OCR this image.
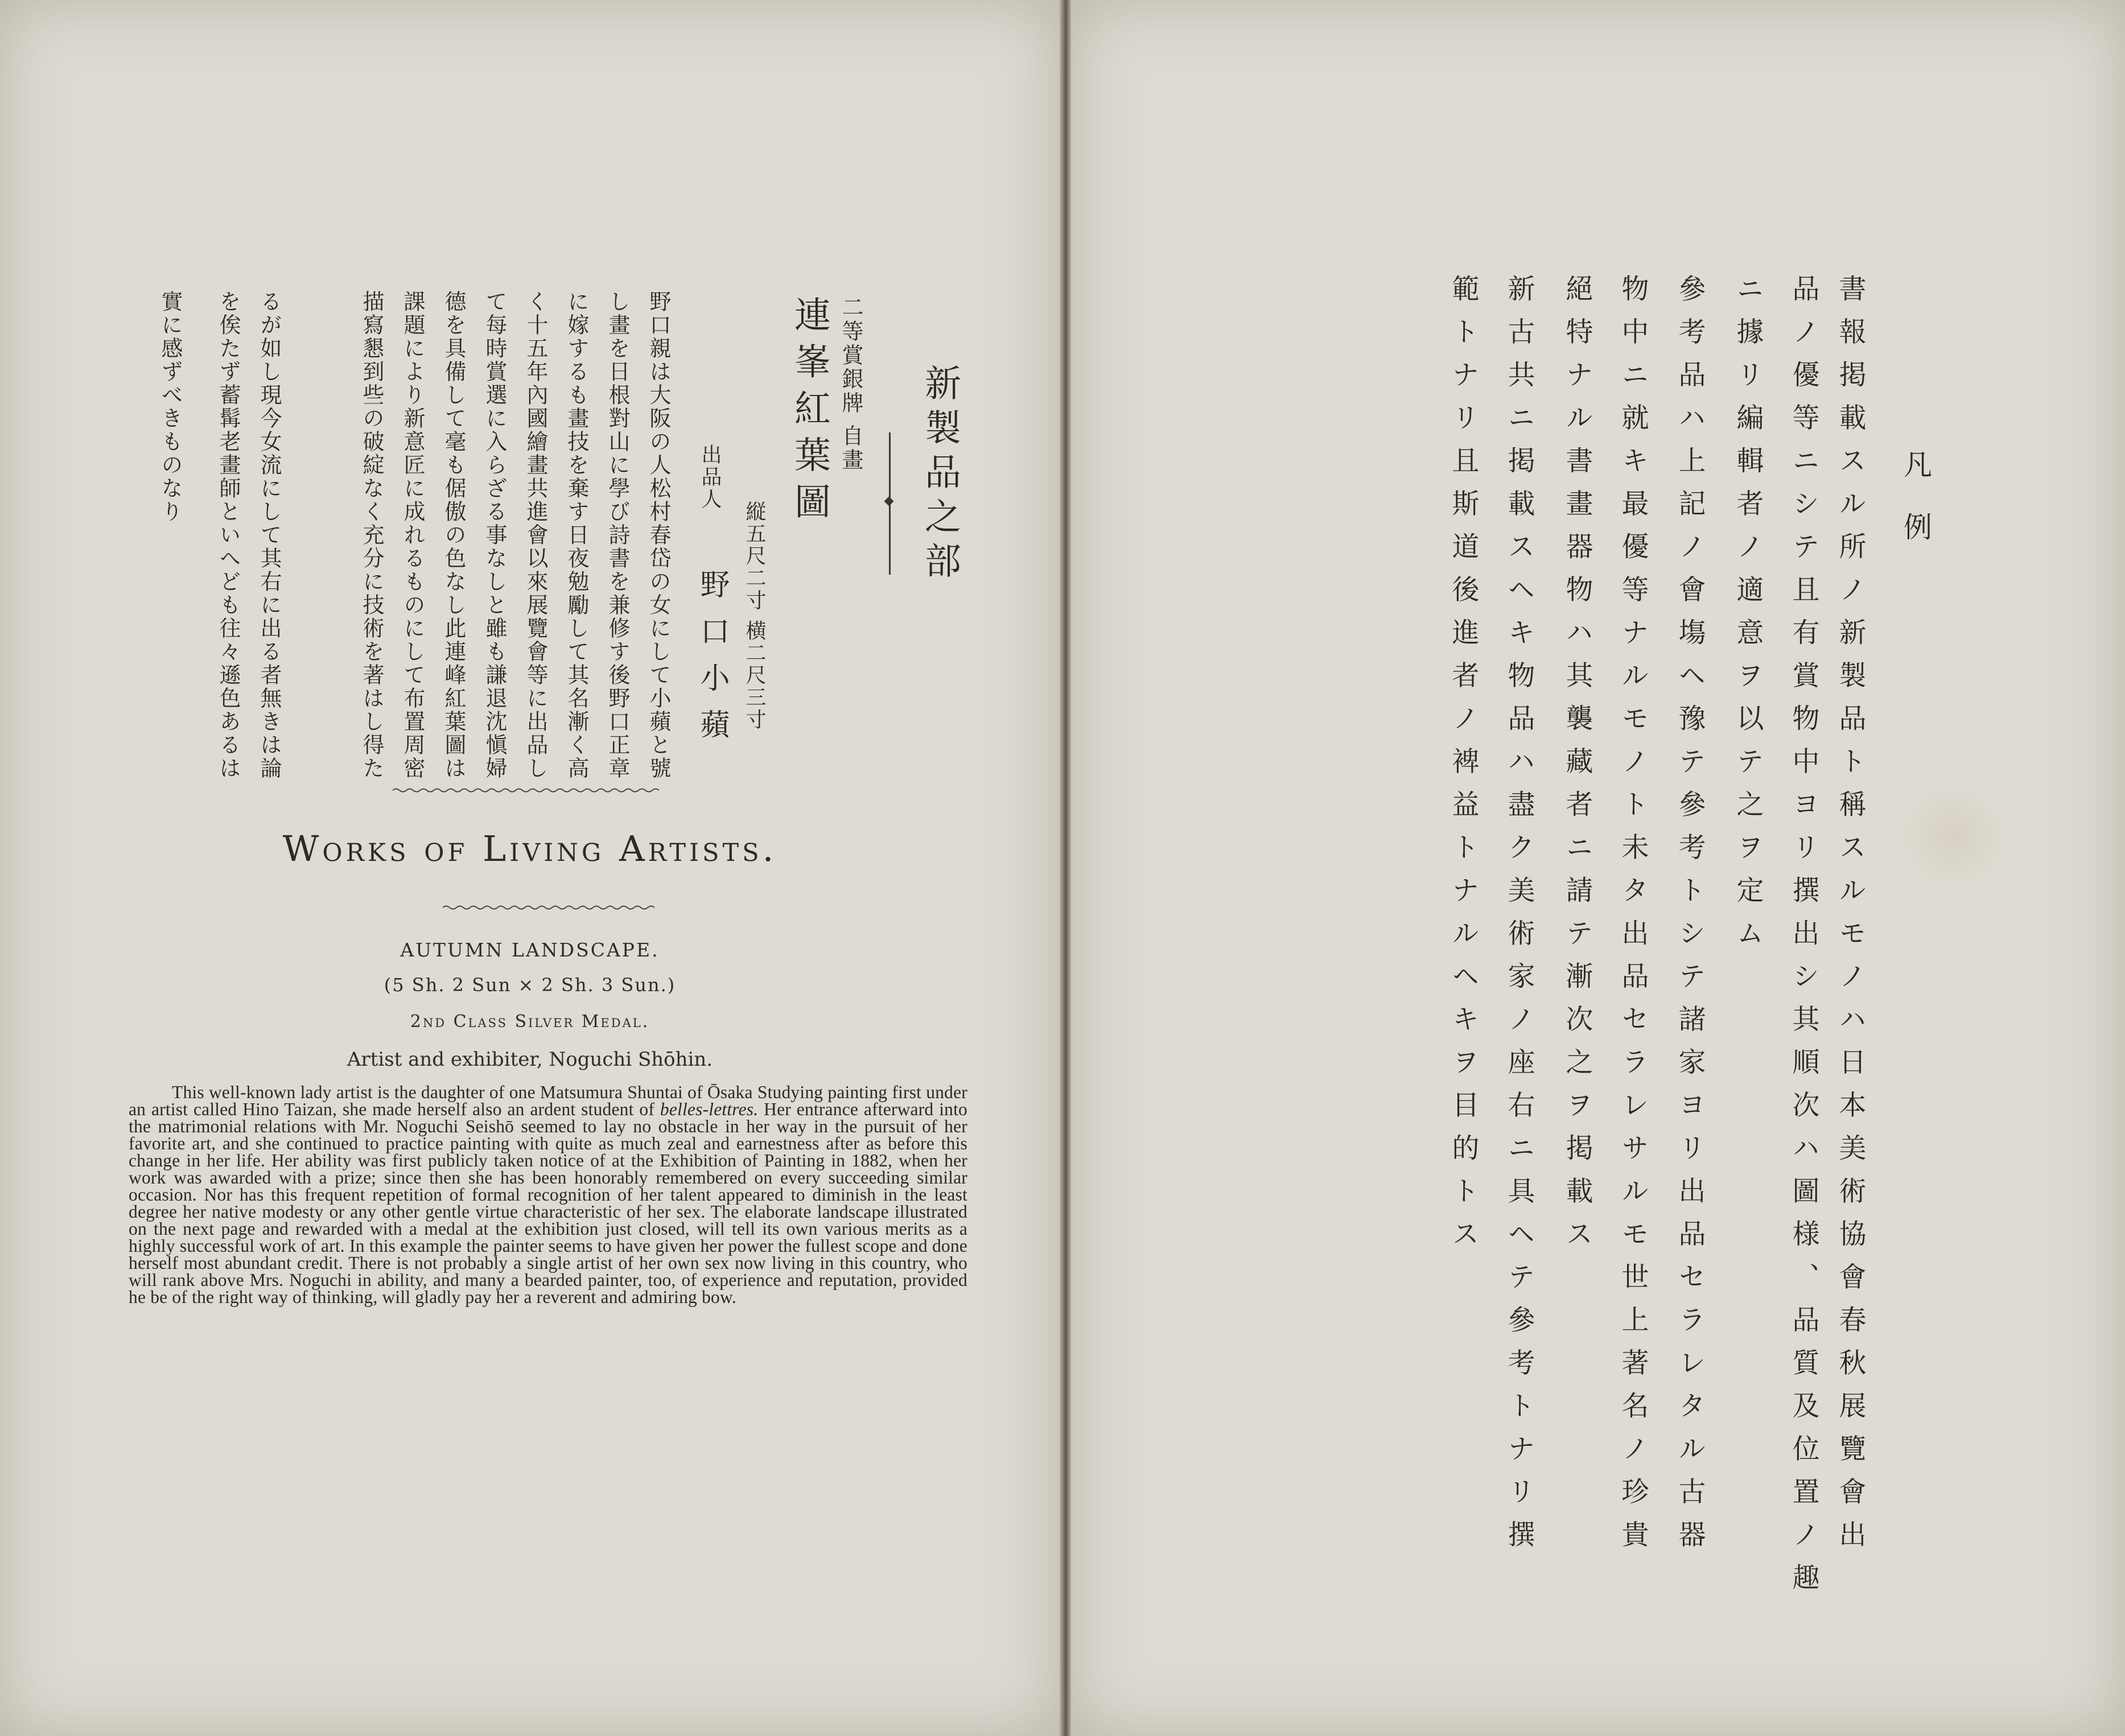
新製品之部
二等賞銀牌 自畫
連峯紅葉圖
縦五尺二寸 横二尺三寸
出品人
野口小蘋
野口親は大阪の人松村春岱の女にして小蘋と號
し畫を日根對山に學び詩書を兼修す後野口正章
に嫁するも畫技を棄す日夜勉勵して其名漸く高
く十五年內國繪畫共進會以來展覽會等に出品し
て每時賞選に入らざる事なしと雖も謙退沈愼婦
德を具備して毫も倨傲の色なし此連峰紅葉圖は
課題により新意匠に成れるものにして布置周密
描寫懇到些の破綻なく充分に技術を著はし得た
るが如し現今女流にして其右に出る者無きは論
を俟たず蓄髯老畫師といへども往々遜色あるは
實に感ずべきものなり
Works of Living Artists.
AUTUMN LANDSCAPE.
(5 Sh. 2 Sun × 2 Sh. 3 Sun.)
2nd Class Silver Medal.
Artist and exhibiter, Noguchi Shōhin.
This well-known lady artist is the daughter of one Matsumura Shuntai of Ōsaka Studying painting first under an artist called Hino Taizan, she made herself also an ardent student of belles-lettres. Her entrance afterward into the matrimonial relations with Mr. Noguchi Seishō seemed to lay no obstacle in her way in the pursuit of her favorite art, and she continued to practice painting with quite as much zeal and earnestness after as before this change in her life. Her ability was first publicly taken notice of at the Exhibition of Painting in 1882, when her work was awarded with a prize; since then she has been honorably remembered on every succeeding similar occasion. Nor has this frequent repetition of formal recognition of her talent appeared to diminish in the least degree her native modesty or any other gentle virtue characteristic of her sex. The elaborate landscape illustrated on the next page and rewarded with a medal at the exhibition just closed, will tell its own various merits as a highly successful work of art. In this example the painter seems to have given her power the fullest scope and done herself most abundant credit. There is not probably a single artist of her own sex now living in this country, who will rank above Mrs. Noguchi in ability, and many a bearded painter, too, of experience and reputation, provided he be of the right way of thinking, will gladly pay her a reverent and admiring bow.
凡例
書報掲載スル所ノ新製品ト稱スルモノハ日本美術協會春秋展覽會出
品ノ優等ニシテ且有賞物中ヨリ撰出シ其順次ハ圖様、品質及位置ノ趣
ニ據リ編輯者ノ適意ヲ以テ之ヲ定ム
參考品ハ上記ノ會塲ヘ豫テ參考トシテ諸家ヨリ出品セラレタル古器
物中ニ就キ最優等ナルモノト未タ出品セラレサルモ世上著名ノ珍貴
絕特ナル書畫器物ハ其襲藏者ニ請テ漸次之ヲ掲載ス
新古共ニ掲載スヘキ物品ハ盡ク美術家ノ座右ニ具ヘテ參考トナリ撰
範トナリ且斯道後進者ノ裨益トナルヘキヲ目的トス
